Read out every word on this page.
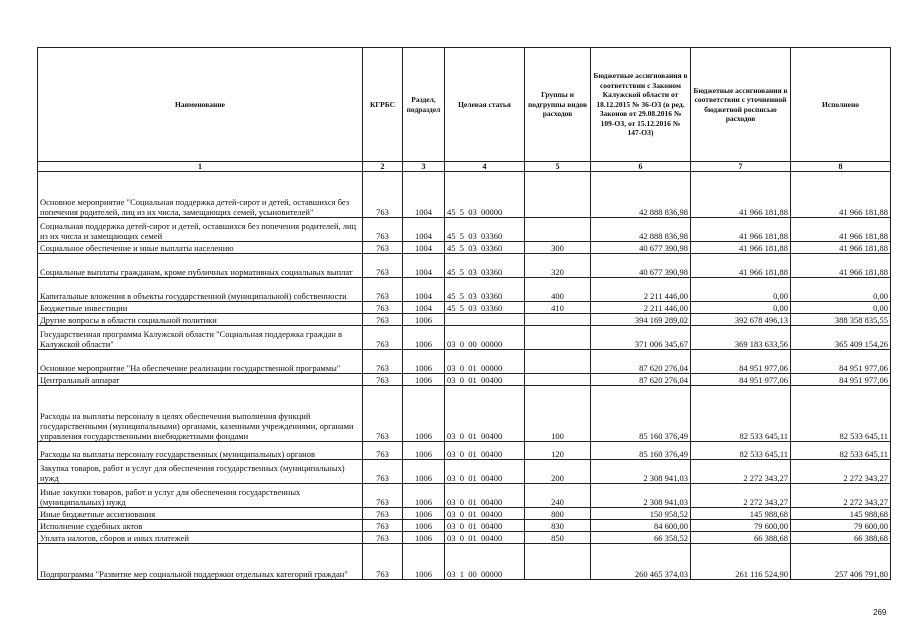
Наименование	КГРБС	Раздел, подраздел	Целевая статья	Группы и подгруппы видов расходов	Бюджетные ассигнования в соответствии с Законом Калужской области от 18.12.2015 № 36-ОЗ (в ред. Законов от 29.08.2016 № 109-ОЗ, от 15.12.2016 № 147-ОЗ)	Бюджетные ассигнования в соответствии с уточненной бюджетной росписью расходов	Исполнено
1	2	3	4	5	6	7	8
Основное мероприятие "Социальная поддержка детей-сирот и детей, оставшихся без попечения родителей, лиц из их числа, замещающих семей, усыновителей"	763	1004	45  5  03  00000		42 888 836,98	41 966 181,88	41 966 181,88
Социальная поддержка детей-сирот и детей, оставшихся без попечения родителей, лиц из их числа и замещающих семей	763	1004	45  5  03  03360		42 888 836,98	41 966 181,88	41 966 181,88
Социальное обеспечение и иные выплаты населению	763	1004	45  5  03  03360	300	40 677 390,98	41 966 181,88	41 966 181,88
Социальные выплаты гражданам, кроме публичных нормативных социальных выплат	763	1004	45  5  03  03360	320	40 677 390,98	41 966 181,88	41 966 181,88
Капитальные вложения в объекты государственной (муниципальной) собственности	763	1004	45  5  03  03360	400	2 211 446,00	0,00	0,00
Бюджетные инвестиции	763	1004	45  5  03  03360	410	2 211 446,00	0,00	0,00
Другие вопросы в области социальной политики	763	1006			394 169 289,02	392 678 496,13	388 358 835,55
Государственная программа Калужской области "Социальная поддержка граждан в Калужской области"	763	1006	03  0  00  00000		371 006 345,67	369 183 633,56	365 409 154,26
Основное мероприятие "На обеспечение реализации государственной программы"	763	1006	03  0  01  00000		87 620 276,04	84 951 977,06	84 951 977,06
Центральный аппарат	763	1006	03  0  01  00400		87 620 276,04	84 951 977,06	84 951 977,06
Расходы на выплаты персоналу в целях обеспечения выполнения функций государственными (муниципальными) органами, казенными учреждениями, органами управления государственными внебюджетными фондами	763	1006	03  0  01  00400	100	85 160 376,49	82 533 645,11	82 533 645,11
Расходы на выплаты персоналу государственных (муниципальных) органов	763	1006	03  0  01  00400	120	85 160 376,49	82 533 645,11	82 533 645,11
Закупка товаров, работ и услуг для обеспечения государственных (муниципальных) нужд	763	1006	03  0  01  00400	200	2 308 941,03	2 272 343,27	2 272 343,27
Иные закупки товаров, работ и услуг для обеспечения государственных (муниципальных) нужд	763	1006	03  0  01  00400	240	2 308 941,03	2 272 343,27	2 272 343,27
Иные бюджетные ассигнования	763	1006	03  0  01  00400	800	150 958,52	145 988,68	145 988,68
Исполнение судебных актов	763	1006	03  0  01  00400	830	84 600,00	79 600,00	79 600,00
Уплата налогов, сборов и иных платежей	763	1006	03  0  01  00400	850	66 358,52	66 388,68	66 388,68
Подпрограмма "Развитие мер социальной поддержки отдельных категорий граждан"	763	1006	03  1  00  00000		260 465 374,03	261 116 524,90	257 406 791,80
269
